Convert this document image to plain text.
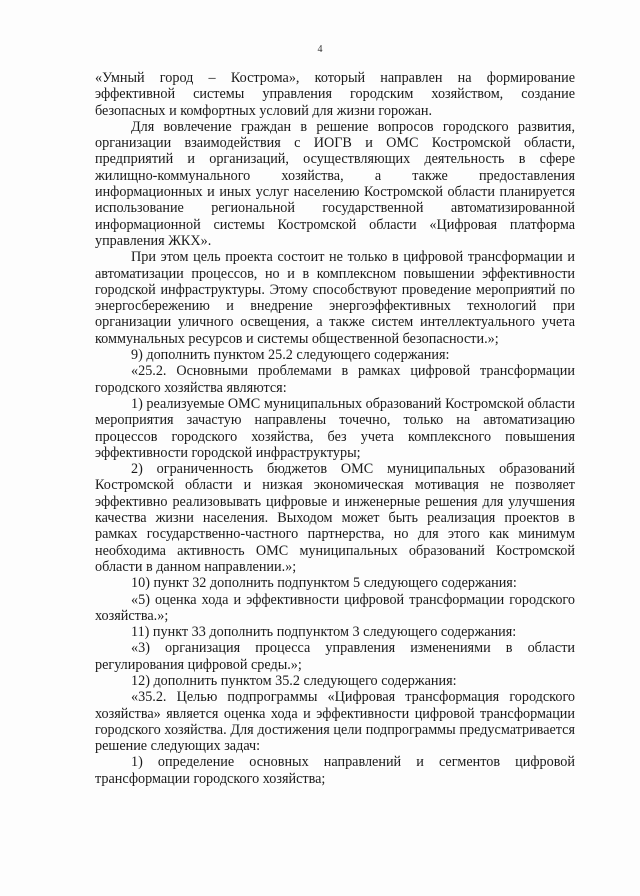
4

«Умный город – Кострома», который направлен на формирование эффективной системы управления городским хозяйством, создание безопасных и комфортных условий для жизни горожан.

Для вовлечение граждан в решение вопросов городского развития, организации взаимодействия с ИОГВ и ОМС Костромской области, предприятий и организаций, осуществляющих деятельность в сфере жилищно-коммунального хозяйства, а также предоставления информационных и иных услуг населению Костромской области планируется использование региональной государственной автоматизированной информационной системы Костромской области «Цифровая платформа управления ЖКХ».

При этом цель проекта состоит не только в цифровой трансформации и автоматизации процессов, но и в комплексном повышении эффективности городской инфраструктуры. Этому способствуют проведение мероприятий по энергосбережению и внедрение энергоэффективных технологий при организации уличного освещения, а также систем интеллектуального учета коммунальных ресурсов и системы общественной безопасности.»;

9) дополнить пунктом 25.2 следующего содержания:

«25.2. Основными проблемами в рамках цифровой трансформации городского хозяйства являются:

1) реализуемые ОМС муниципальных образований Костромской области мероприятия зачастую направлены точечно, только на автоматизацию процессов городского хозяйства, без учета комплексного повышения эффективности городской инфраструктуры;

2) ограниченность бюджетов ОМС муниципальных образований Костромской области и низкая экономическая мотивация не позволяет эффективно реализовывать цифровые и инженерные решения для улучшения качества жизни населения. Выходом может быть реализация проектов в рамках государственно-частного партнерства, но для этого как минимум необходима активность ОМС муниципальных образований Костромской области в данном направлении.»;

10) пункт 32 дополнить подпунктом 5 следующего содержания:

«5) оценка хода и эффективности цифровой трансформации городского хозяйства.»;

11) пункт 33 дополнить подпунктом 3 следующего содержания:

«3) организация процесса управления изменениями в области регулирования цифровой среды.»;

12) дополнить пунктом 35.2 следующего содержания:

«35.2. Целью подпрограммы «Цифровая трансформация городского хозяйства» является оценка хода и эффективности цифровой трансформации городского хозяйства. Для достижения цели подпрограммы предусматривается решение следующих задач:

1) определение основных направлений и сегментов цифровой трансформации городского хозяйства;
